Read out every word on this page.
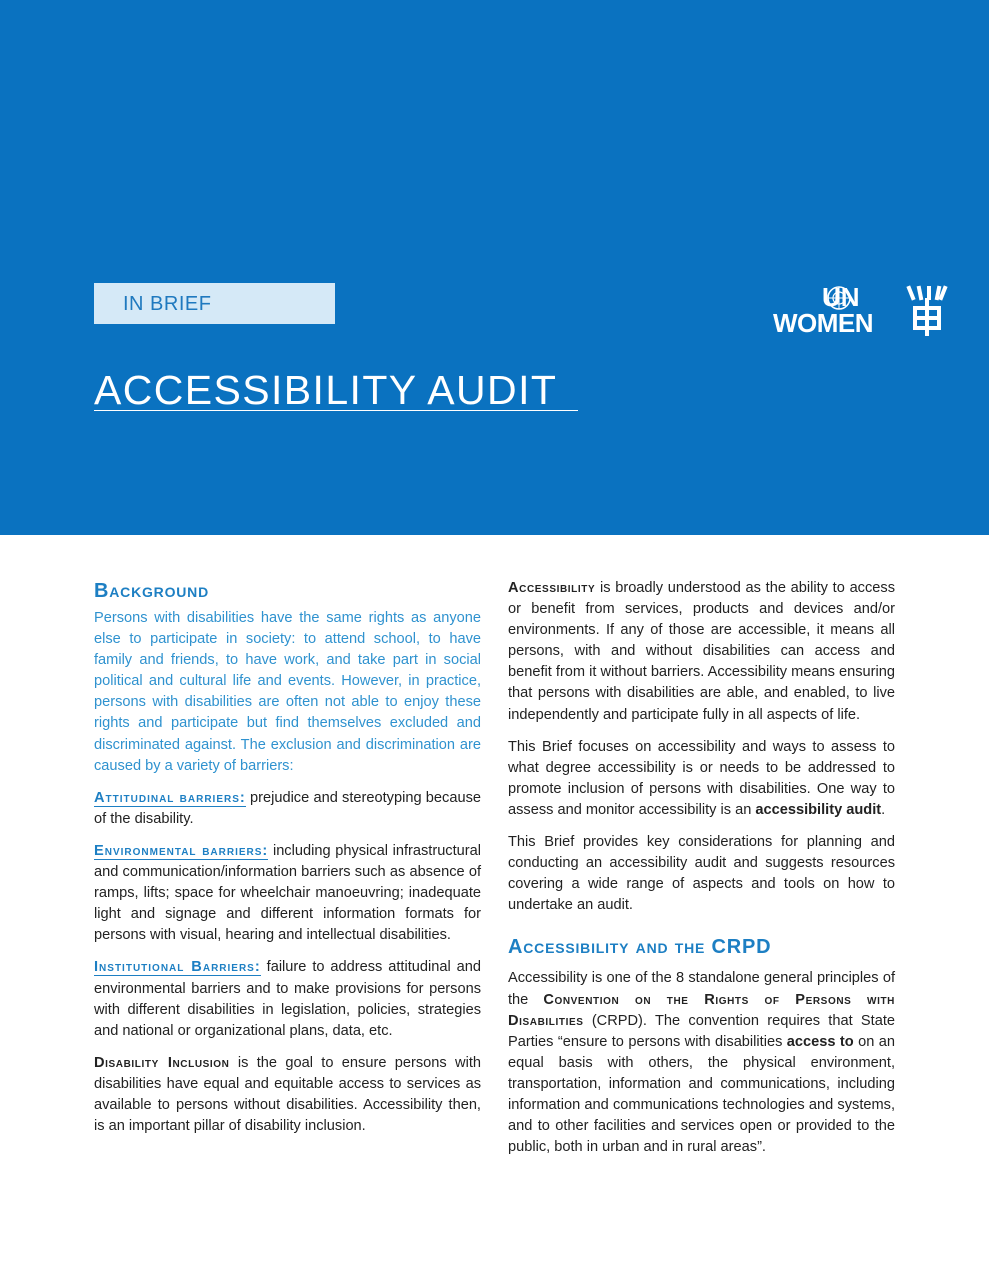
IN BRIEF
ACCESSIBILITY AUDIT
UN
WOMEN
Background

Persons with disabilities have the same rights as anyone else to participate in society: to attend school, to have family and friends, to have work, and take part in social political and cultural life and events. However, in practice, persons with disabilities are often not able to enjoy these rights and participate but find themselves excluded and discriminated against. The exclusion and discrimination are caused by a variety of barriers:

Attitudinal barriers: prejudice and stereotyping because of the disability.

Environmental barriers: including physical infrastructural and communication/information barriers such as absence of ramps, lifts; space for wheelchair manoeuvring; inadequate light and signage and different information formats for persons with visual, hearing and intellectual disabilities.

Institutional Barriers: failure to address attitudinal and environmental barriers and to make provisions for persons with different disabilities in legislation, policies, strategies and national or organizational plans, data, etc.

Disability Inclusion is the goal to ensure persons with disabilities have equal and equitable access to services as available to persons without disabilities. Accessibility then, is an important pillar of disability inclusion.

Accessibility is broadly understood as the ability to access or benefit from services, products and devices and/or environments. If any of those are accessible, it means all persons, with and without disabilities can access and benefit from it without barriers. Accessibility means ensuring that persons with disabilities are able, and enabled, to live independently and participate fully in all aspects of life.

This Brief focuses on accessibility and ways to assess to what degree accessibility is or needs to be addressed to promote inclusion of persons with disabilities. One way to assess and monitor accessibility is an accessibility audit.

This Brief provides key considerations for planning and conducting an accessibility audit and suggests resources covering a wide range of aspects and tools on how to undertake an audit.

Accessibility and the CRPD

Accessibility is one of the 8 standalone general principles of the Convention on the Rights of Persons with Disabilities (CRPD). The convention requires that State Parties “ensure to persons with disabilities access to on an equal basis with others, the physical environment, transportation, information and communications, including information and communications technologies and systems, and to other facilities and services open or provided to the public, both in urban and in rural areas”.
